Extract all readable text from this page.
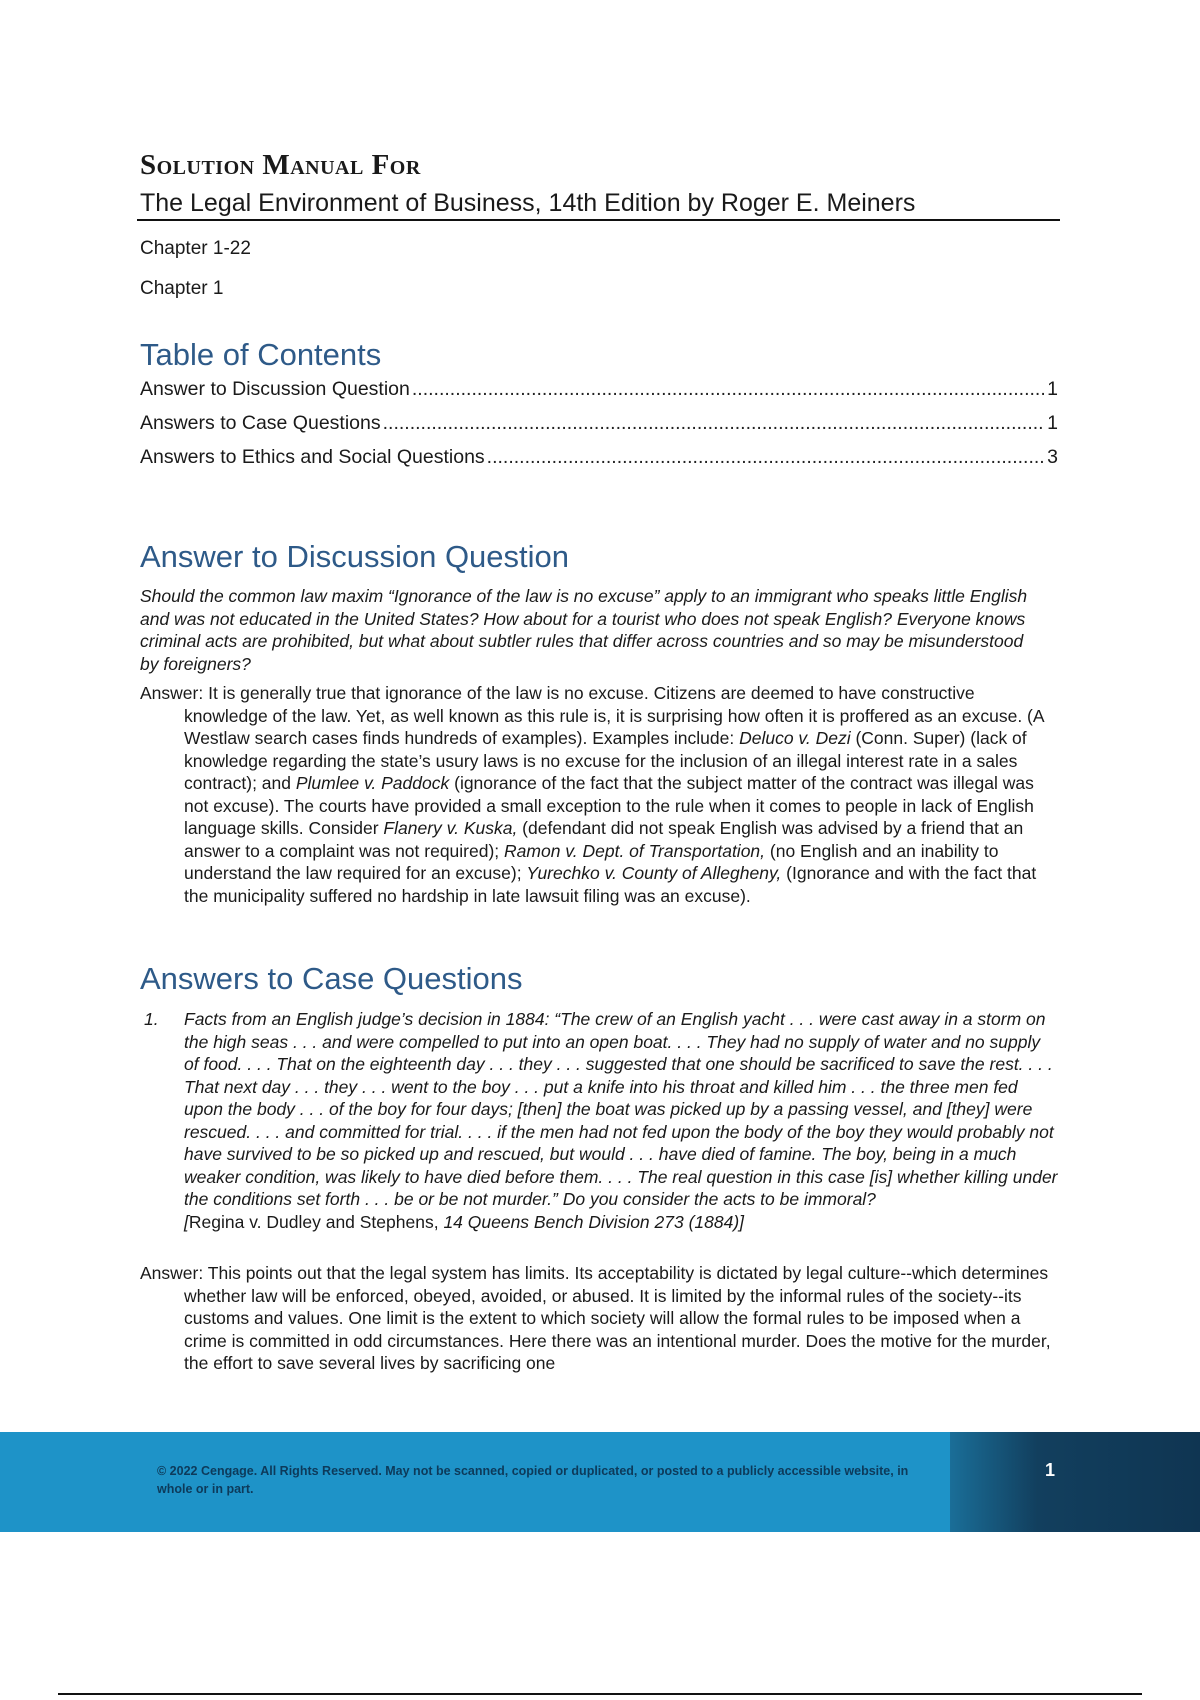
Solution Manual For

The Legal Environment of Business, 14th Edition by Roger E. Meiners

Chapter 1-22

Chapter 1

Table of Contents
Answer to Discussion Question .....	1
Answers to Case Questions .....	1
Answers to Ethics and Social Questions .....	3
Answer to Discussion Question

Should the common law maxim “Ignorance of the law is no excuse” apply to an immigrant who speaks little English and was not educated in the United States? How about for a tourist who does not speak English? Everyone knows criminal acts are prohibited, but what about subtler rules that differ across countries and so may be misunderstood by foreigners?

Answer: It is generally true that ignorance of the law is no excuse. Citizens are deemed to have constructive knowledge of the law. Yet, as well known as this rule is, it is surprising how often it is proffered as an excuse. (A Westlaw search cases finds hundreds of examples). Examples include: Deluco v. Dezi (Conn. Super) (lack of knowledge regarding the state’s usury laws is no excuse for the inclusion of an illegal interest rate in a sales contract); and Plumlee v. Paddock (ignorance of the fact that the subject matter of the contract was illegal was not excuse). The courts have provided a small exception to the rule when it comes to people in lack of English language skills. Consider Flanery v. Kuska, (defendant did not speak English was advised by a friend that an answer to a complaint was not required); Ramon v. Dept. of Transportation, (no English and an inability to understand the law required for an excuse); Yurechko v. County of Allegheny, (Ignorance and with the fact that the municipality suffered no hardship in late lawsuit filing was an excuse).

Answers to Case Questions
1. Facts from an English judge’s decision in 1884: “The crew of an English yacht . . . were cast away in a storm on the high seas . . . and were compelled to put into an open boat. . . . They had no supply of water and no supply of food. . . . That on the eighteenth day . . . they . . . suggested that one should be sacrificed to save the rest. . . . That next day . . . they . . . went to the boy . . . put a knife into his throat and killed him . . . the three men fed upon the body . . . of the boy for four days; [then] the boat was picked up by a passing vessel, and [they] were rescued. . . . and committed for trial. . . . if the men had not fed upon the body of the boy they would probably not have survived to be so picked up and rescued, but would . . . have died of famine. The boy, being in a much weaker condition, was likely to have died before them. . . . The real question in this case [is] whether killing under the conditions set forth . . . be or be not murder.” Do you consider the acts to be immoral?
[Regina v. Dudley and Stephens, 14 Queens Bench Division 273 (1884)]

Answer: This points out that the legal system has limits. Its acceptability is dictated by legal culture--which determines whether law will be enforced, obeyed, avoided, or abused. It is limited by the informal rules of the society--its customs and values. One limit is the extent to which society will allow the formal rules to be imposed when a crime is committed in odd circumstances. Here there was an intentional murder. Does the motive for the murder, the effort to save several lives by sacrificing one

© 2022 Cengage. All Rights Reserved. May not be scanned, copied or duplicated, or posted to a publicly accessible website, in whole or in part.

1
